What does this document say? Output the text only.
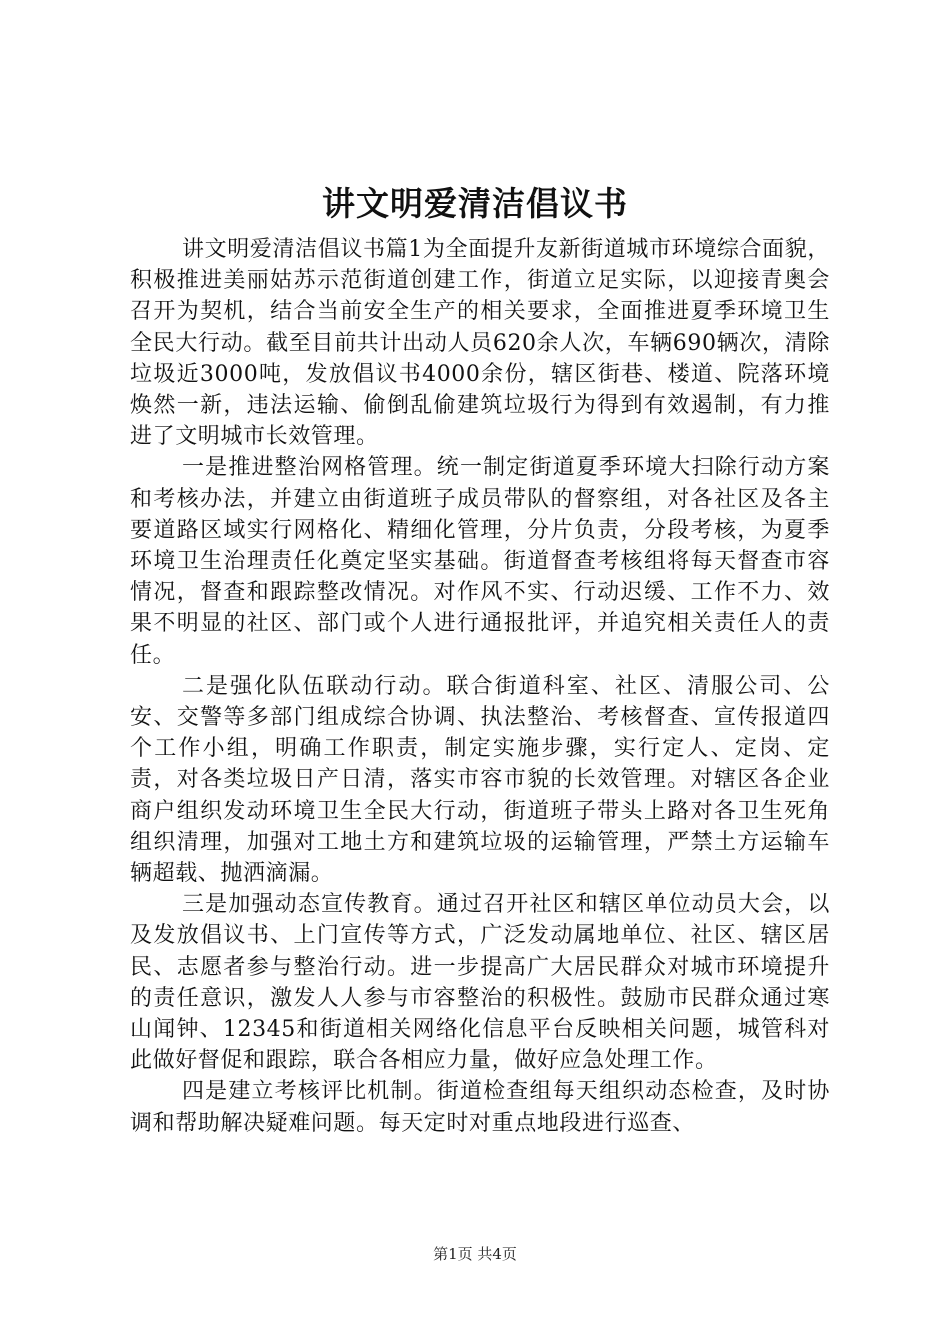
讲文明爱清洁倡议书

讲文明爱清洁倡议书篇1为全面提升友新街道城市环境综合面貌，积极推进美丽姑苏示范街道创建工作，街道立足实际，以迎接青奥会召开为契机，结合当前安全生产的相关要求，全面推进夏季环境卫生全民大行动。截至目前共计出动人员620余人次，车辆690辆次，清除垃圾近3000吨，发放倡议书4000余份，辖区街巷、楼道、院落环境焕然一新，违法运输、偷倒乱偷建筑垃圾行为得到有效遏制，有力推进了文明城市长效管理。

一是推进整治网格管理。统一制定街道夏季环境大扫除行动方案和考核办法，并建立由街道班子成员带队的督察组，对各社区及各主要道路区域实行网格化、精细化管理，分片负责，分段考核，为夏季环境卫生治理责任化奠定坚实基础。街道督查考核组将每天督查市容情况，督查和跟踪整改情况。对作风不实、行动迟缓、工作不力、效果不明显的社区、部门或个人进行通报批评，并追究相关责任人的责任。

二是强化队伍联动行动。联合街道科室、社区、清服公司、公安、交警等多部门组成综合协调、执法整治、考核督查、宣传报道四个工作小组，明确工作职责，制定实施步骤，实行定人、定岗、定责，对各类垃圾日产日清，落实市容市貌的长效管理。对辖区各企业商户组织发动环境卫生全民大行动，街道班子带头上路对各卫生死角组织清理，加强对工地土方和建筑垃圾的运输管理，严禁土方运输车辆超载、抛洒滴漏。

三是加强动态宣传教育。通过召开社区和辖区单位动员大会，以及发放倡议书、上门宣传等方式，广泛发动属地单位、社区、辖区居民、志愿者参与整治行动。进一步提高广大居民群众对城市环境提升的责任意识，激发人人参与市容整治的积极性。鼓励市民群众通过寒山闻钟、12345和街道相关网络化信息平台反映相关问题，城管科对此做好督促和跟踪，联合各相应力量，做好应急处理工作。

四是建立考核评比机制。街道检查组每天组织动态检查，及时协调和帮助解决疑难问题。每天定时对重点地段进行巡查、

第1页 共4页
